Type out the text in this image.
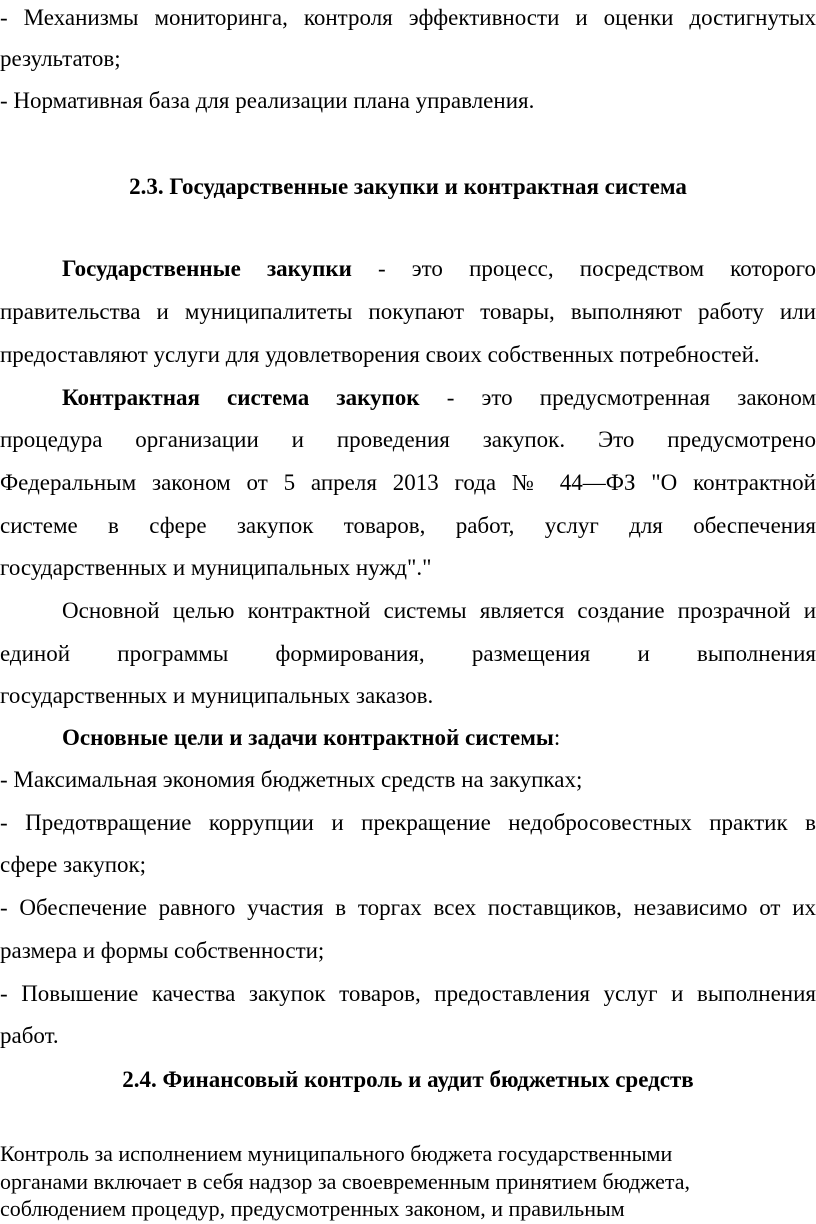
- Механизмы мониторинга, контроля эффективности и оценки достигнутых
результатов;
- Нормативная база для реализации плана управления.
2.3. Государственные закупки и контрактная система
Государственные закупки - это процесс, посредством которого
правительства и муниципалитеты покупают товары, выполняют работу или
предоставляют услуги для удовлетворения своих собственных потребностей.
Контрактная система закупок - это предусмотренная законом
процедура организации и проведения закупок. Это предусмотрено
Федеральным законом от 5 апреля 2013 года № 44—ФЗ "О контрактной
системе в сфере закупок товаров, работ, услуг для обеспечения
государственных и муниципальных нужд"."
Основной целью контрактной системы является создание прозрачной и
единой программы формирования, размещения и выполнения
государственных и муниципальных заказов.
Основные цели и задачи контрактной системы:
- Максимальная экономия бюджетных средств на закупках;
- Предотвращение коррупции и прекращение недобросовестных практик в
сфере закупок;
- Обеспечение равного участия в торгах всех поставщиков, независимо от их
размера и формы собственности;
- Повышение качества закупок товаров, предоставления услуг и выполнения
работ.
2.4. Финансовый контроль и аудит бюджетных средств
Контроль за исполнением муниципального бюджета государственными
органами включает в себя надзор за своевременным принятием бюджета,
соблюдением процедур, предусмотренных законом, и правильным
